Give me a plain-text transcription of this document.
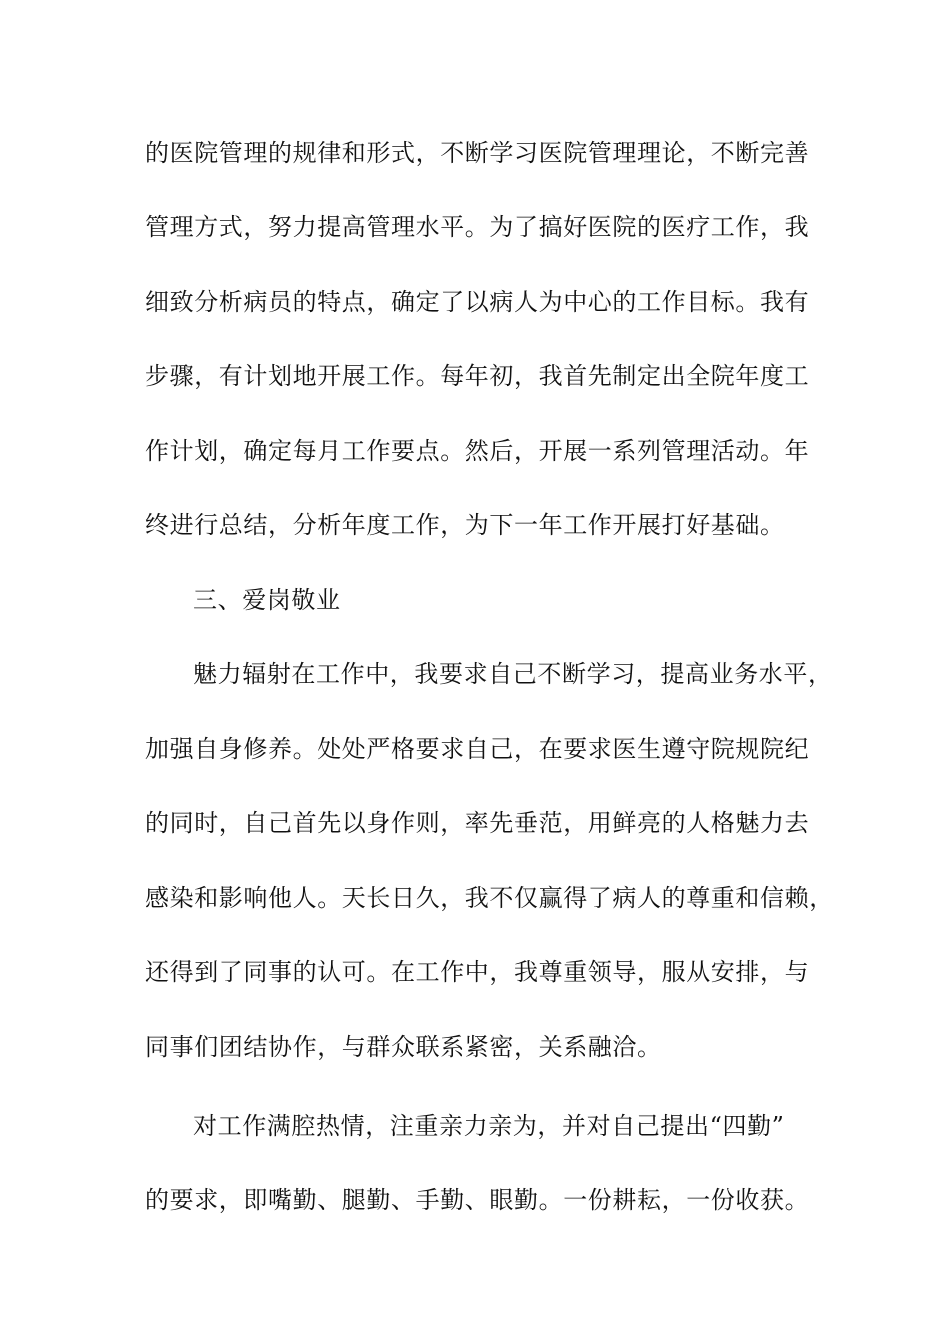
的医院管理的规律和形式，不断学习医院管理理论，不断完善
管理方式，努力提高管理水平。为了搞好医院的医疗工作，我
细致分析病员的特点，确定了以病人为中心的工作目标。我有
步骤，有计划地开展工作。每年初，我首先制定出全院年度工
作计划，确定每月工作要点。然后，开展一系列管理活动。年
终进行总结，分析年度工作，为下一年工作开展打好基础。
三、爱岗敬业
魅力辐射在工作中，我要求自己不断学习，提高业务水平，
加强自身修养。处处严格要求自己，在要求医生遵守院规院纪
的同时，自己首先以身作则，率先垂范，用鲜亮的人格魅力去
感染和影响他人。天长日久，我不仅赢得了病人的尊重和信赖，
还得到了同事的认可。在工作中，我尊重领导，服从安排，与
同事们团结协作，与群众联系紧密，关系融洽。
对工作满腔热情，注重亲力亲为，并对自己提出“四勤”
的要求，即嘴勤、腿勤、手勤、眼勤。一份耕耘，一份收获。
